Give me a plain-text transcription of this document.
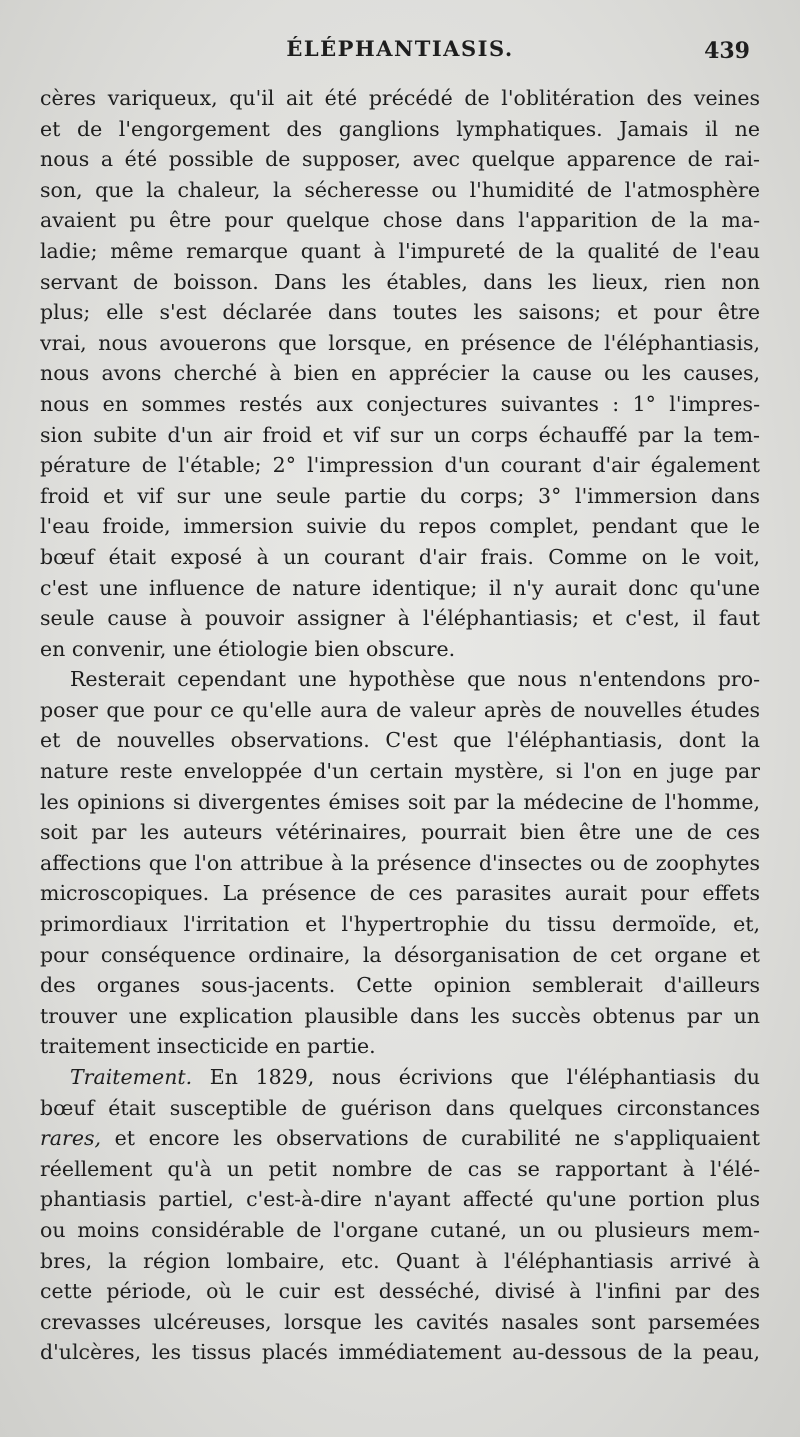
ÉLÉPHANTIASIS.	439
cères variqueux, qu'il ait été précédé de l'oblitération des veines
et de l'engorgement des ganglions lymphatiques. Jamais il ne
nous a été possible de supposer, avec quelque apparence de rai-
son, que la chaleur, la sécheresse ou l'humidité de l'atmosphère
avaient pu être pour quelque chose dans l'apparition de la ma-
ladie; même remarque quant à l'impureté de la qualité de l'eau
servant de boisson. Dans les étables, dans les lieux, rien non
plus; elle s'est déclarée dans toutes les saisons; et pour être
vrai, nous avouerons que lorsque, en présence de l'éléphantiasis,
nous avons cherché à bien en apprécier la cause ou les causes,
nous en sommes restés aux conjectures suivantes : 1° l'impres-
sion subite d'un air froid et vif sur un corps échauffé par la tem-
pérature de l'étable; 2° l'impression d'un courant d'air également
froid et vif sur une seule partie du corps; 3° l'immersion dans
l'eau froide, immersion suivie du repos complet, pendant que le
bœuf était exposé à un courant d'air frais. Comme on le voit,
c'est une influence de nature identique; il n'y aurait donc qu'une
seule cause à pouvoir assigner à l'éléphantiasis; et c'est, il faut
en convenir, une étiologie bien obscure.
Resterait cependant une hypothèse que nous n'entendons pro-
poser que pour ce qu'elle aura de valeur après de nouvelles études
et de nouvelles observations. C'est que l'éléphantiasis, dont la
nature reste enveloppée d'un certain mystère, si l'on en juge par
les opinions si divergentes émises soit par la médecine de l'homme,
soit par les auteurs vétérinaires, pourrait bien être une de ces
affections que l'on attribue à la présence d'insectes ou de zoophytes
microscopiques. La présence de ces parasites aurait pour effets
primordiaux l'irritation et l'hypertrophie du tissu dermoïde, et,
pour conséquence ordinaire, la désorganisation de cet organe et
des organes sous-jacents. Cette opinion semblerait d'ailleurs
trouver une explication plausible dans les succès obtenus par un
traitement insecticide en partie.
Traitement. En 1829, nous écrivions que l'éléphantiasis du
bœuf était susceptible de guérison dans quelques circonstances
rares, et encore les observations de curabilité ne s'appliquaient
réellement qu'à un petit nombre de cas se rapportant à l'élé-
phantiasis partiel, c'est-à-dire n'ayant affecté qu'une portion plus
ou moins considérable de l'organe cutané, un ou plusieurs mem-
bres, la région lombaire, etc. Quant à l'éléphantiasis arrivé à
cette période, où le cuir est desséché, divisé à l'infini par des
crevasses ulcéreuses, lorsque les cavités nasales sont parsemées
d'ulcères, les tissus placés immédiatement au-dessous de la peau,
